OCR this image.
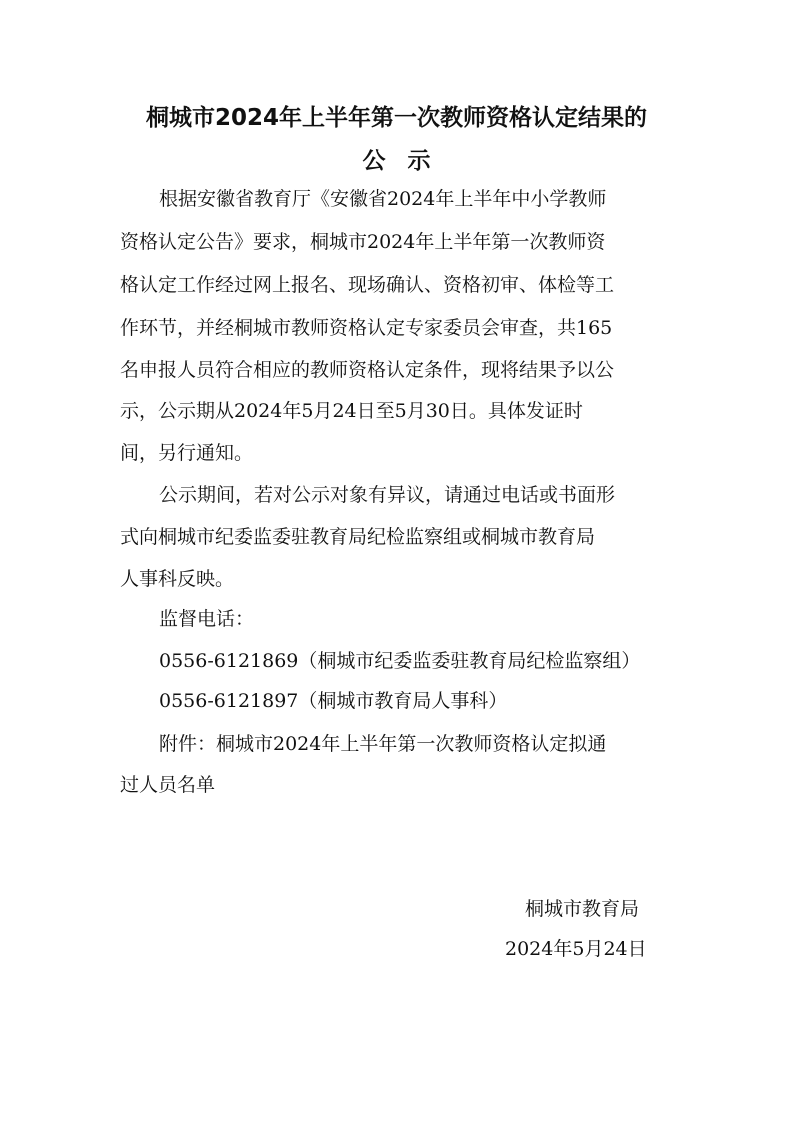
桐城市2024年上半年第一次教师资格认定结果的
公示

根据安徽省教育厅《安徽省2024年上半年中小学教师

资格认定公告》要求，桐城市2024年上半年第一次教师资

格认定工作经过网上报名、现场确认、资格初审、体检等工

作环节，并经桐城市教师资格认定专家委员会审查，共165

名申报人员符合相应的教师资格认定条件，现将结果予以公

示，公示期从2024年5月24日至5月30日。具体发证时

间，另行通知。

公示期间，若对公示对象有异议，请通过电话或书面形

式向桐城市纪委监委驻教育局纪检监察组或桐城市教育局

人事科反映。

监督电话：

0556-6121869（桐城市纪委监委驻教育局纪检监察组）

0556-6121897（桐城市教育局人事科）

附件：桐城市2024年上半年第一次教师资格认定拟通

过人员名单

桐城市教育局

2024年5月24日
